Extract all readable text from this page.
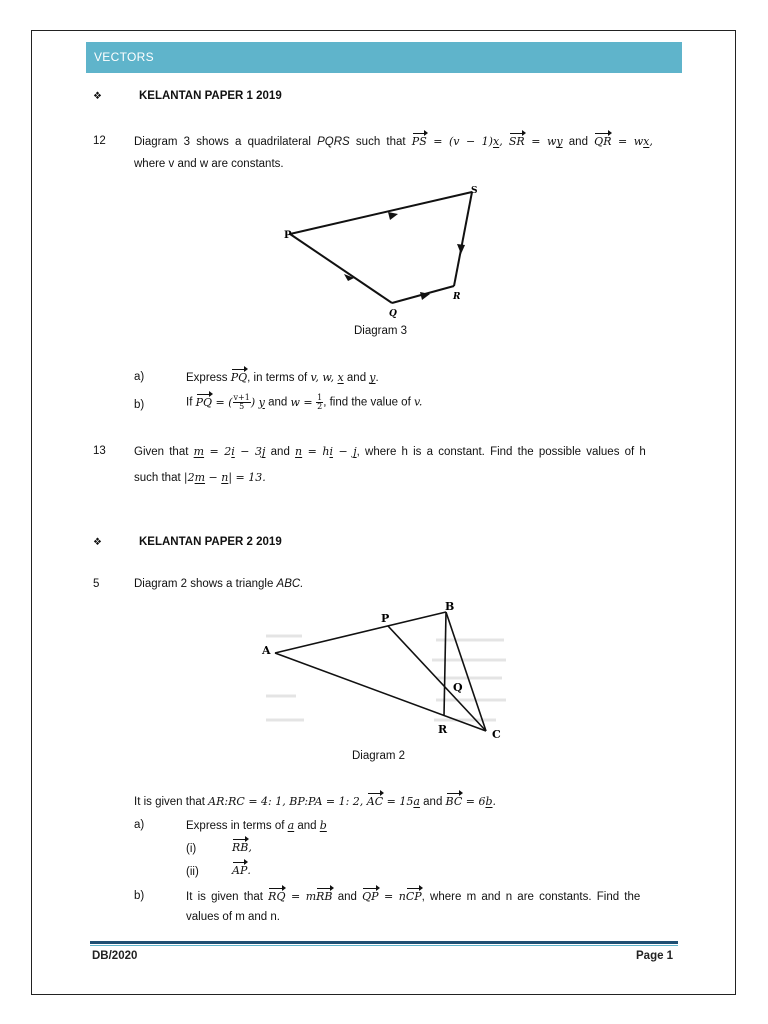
VECTORS
❖	KELANTAN PAPER 1 2019
12 Diagram 3 shows a quadrilateral PQRS such that PS = (v − 1)x, SR = wy and QR = wx,
where v and w are constants.
P
S
R
Q
Diagram 3
a)	Express PQ, in terms of v, w, x and y.
b)	If PQ = ( $\frac{v+1}{5}$ ) y and $w = \frac{1}{2}$ , find the value of v.
13 Given that m = 2i − 3j and n = hi − j, where h is a constant. Find the possible values of h
such that |2m − n| = 13.
❖	KELANTAN PAPER 2 2019
5	Diagram 2 shows a triangle ABC.
A
B
C
P
Q
R
Diagram 2
It is given that AR:RC = 4: 1, BP:PA = 1: 2, AC = 15a and BC = 6b.
a)	Express in terms of a and b
(i)	RB,
(ii)	AP.
b)	It is given that RQ = mRB and QP = nCP, where m and n are constants. Find the
values of m and n.
DB/2020	Page 1
